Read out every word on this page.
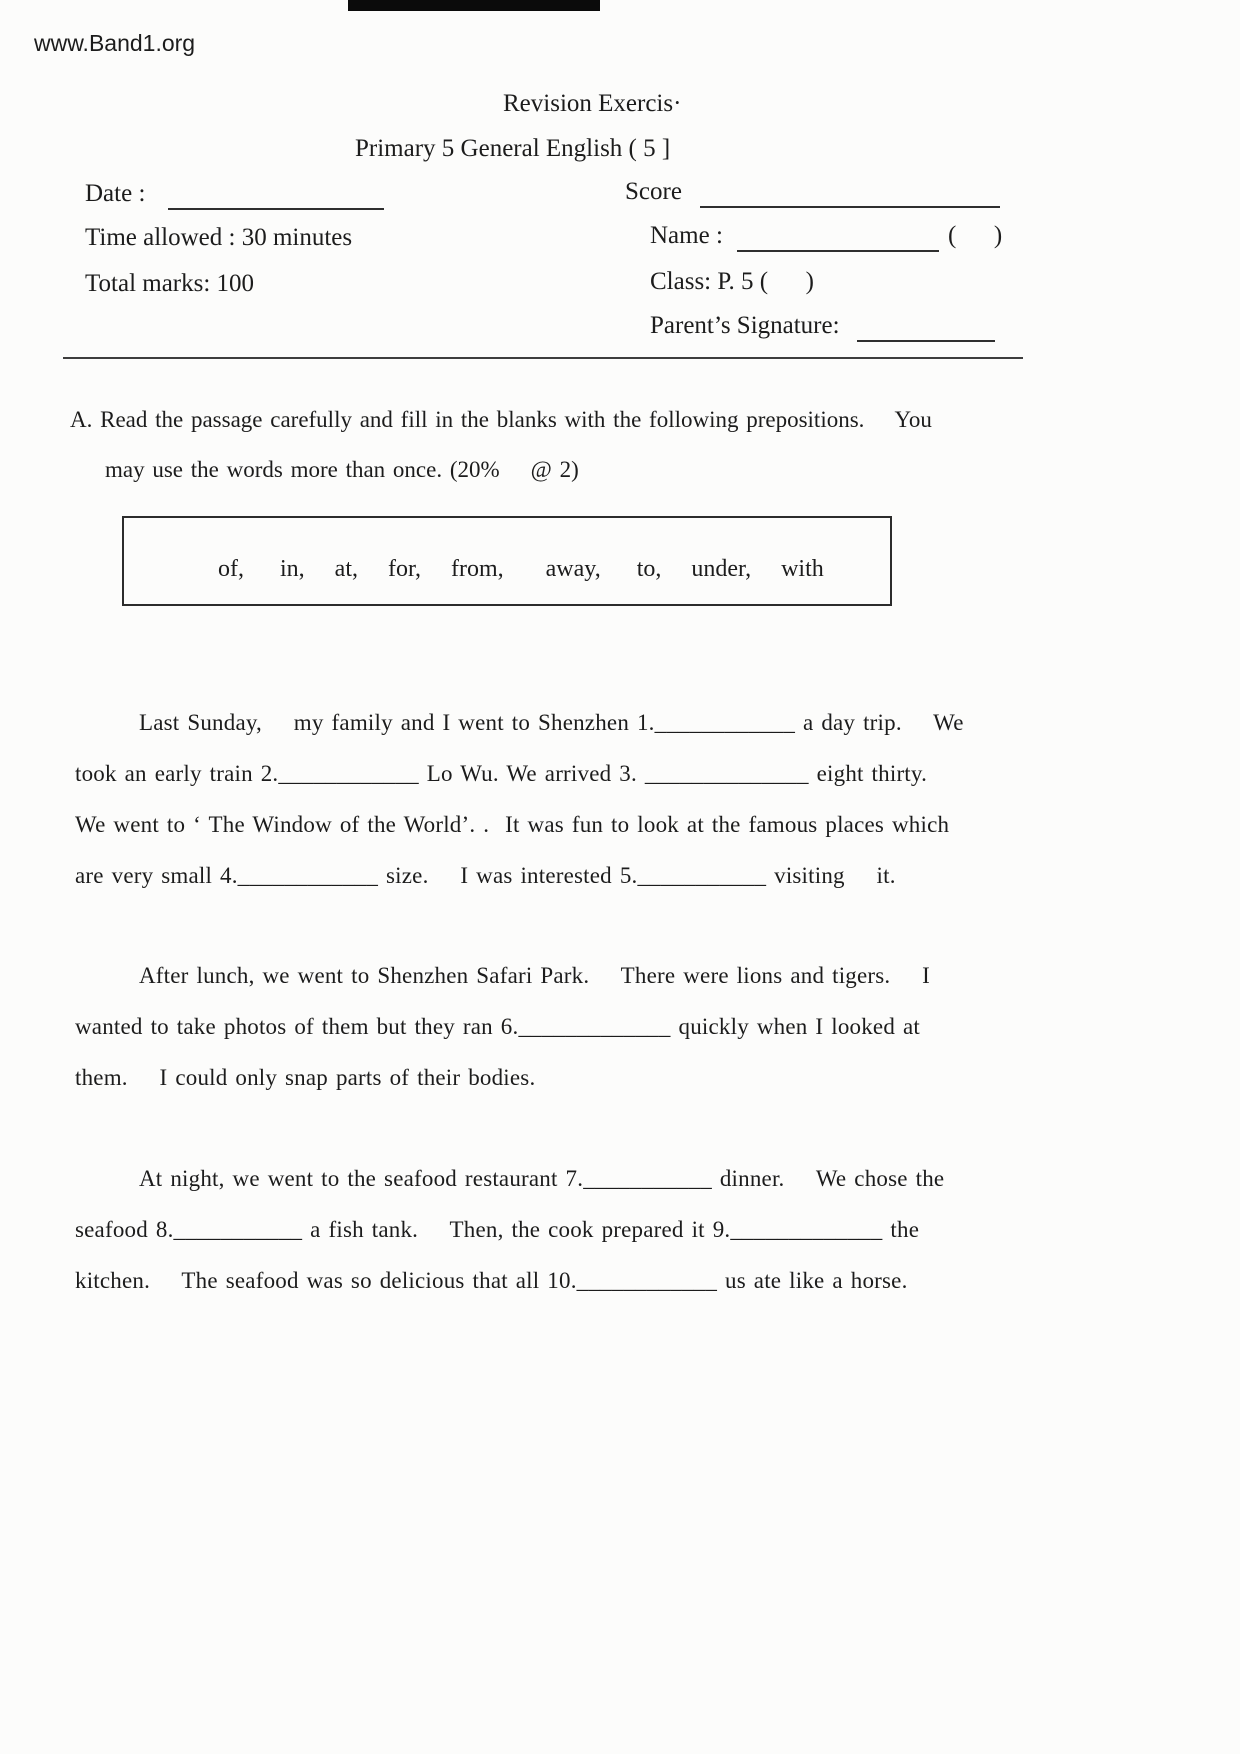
www.Band1.org
Revision Exercis·
Primary 5 General English ( 5 ]
Date :
Time allowed : 30 minutes
Total marks: 100
Score
Name :	(      )
Class: P. 5 (      )
Parent’s Signature:
A. Read the passage carefully and fill in the blanks with the following prepositions.    You
may use the words more than once. (20%    @ 2)
of,      in,     at,     for,     from,       away,      to,     under,     with
Last Sunday,    my family and I went to Shenzhen 1.____________ a day trip.    We
took an early train 2.____________ Lo Wu. We arrived 3. ______________ eight thirty.
We went to ‘ The Window of the World’. .  It was fun to look at the famous places which
are very small 4.____________ size.    I was interested 5.___________ visiting    it.
After lunch, we went to Shenzhen Safari Park.    There were lions and tigers.    I
wanted to take photos of them but they ran 6._____________ quickly when I looked at
them.    I could only snap parts of their bodies.
At night, we went to the seafood restaurant 7.___________ dinner.    We chose the
seafood 8.___________ a fish tank.    Then, the cook prepared it 9._____________ the
kitchen.    The seafood was so delicious that all 10.____________ us ate like a horse.
